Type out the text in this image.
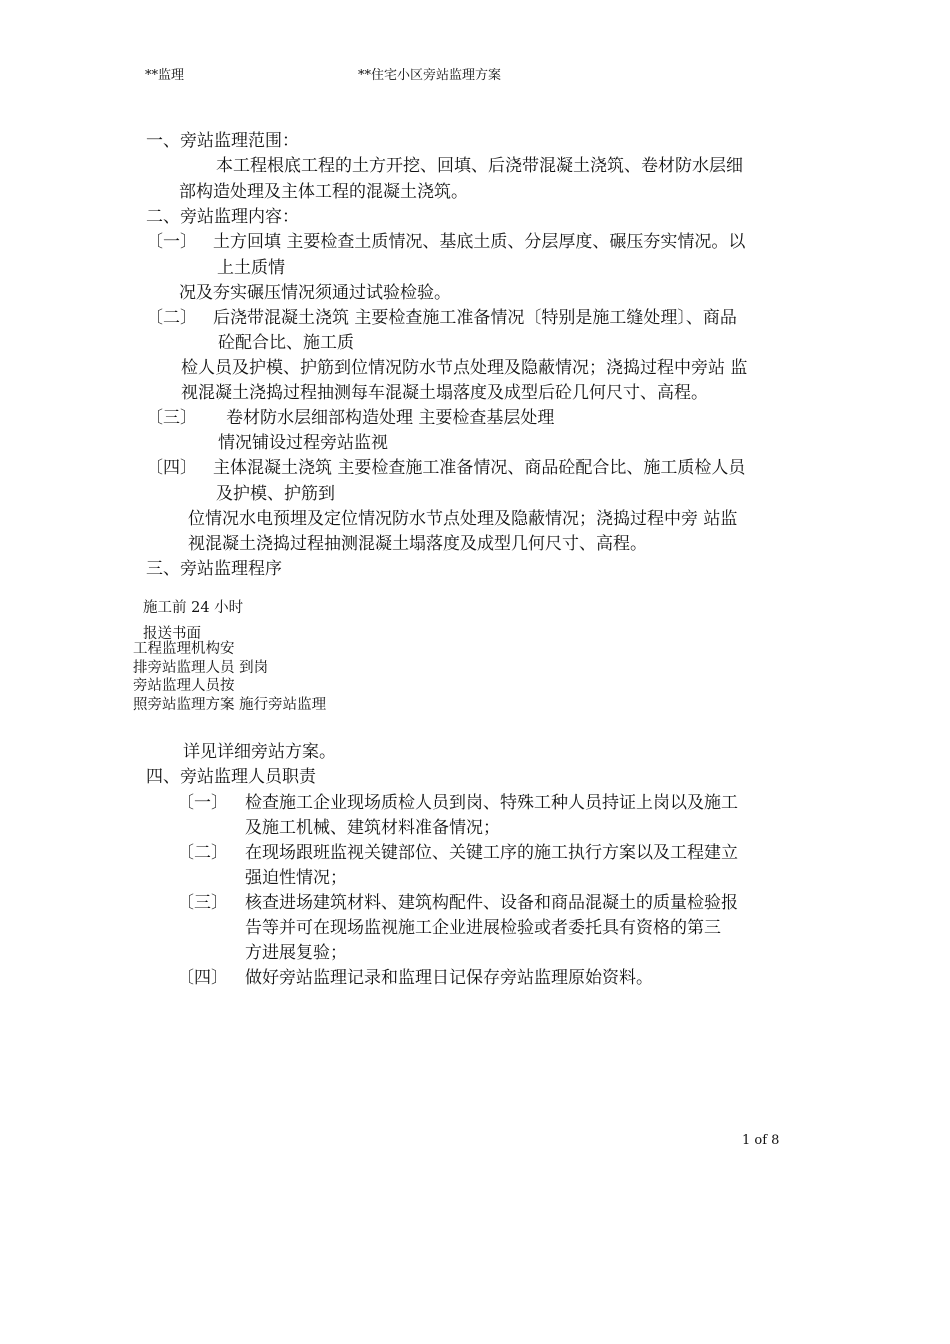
**监理	**住宅小区旁站监理方案
一、旁站监理范围：
本工程根底工程的土方开挖、回填、后浇带混凝土浇筑、卷材防水层细
部构造处理及主体工程的混凝土浇筑。
二、旁站监理内容：
〔一〕 土方回填 主要检查土质情况、基底土质、分层厚度、碾压夯实情况。以
上土质情
况及夯实碾压情况须通过试验检验。
〔二〕 后浇带混凝土浇筑 主要检查施工准备情况〔特别是施工缝处理〕、商品
砼配合比、施工质
检人员及护模、护筋到位情况防水节点处理及隐蔽情况；浇捣过程中旁站 监
视混凝土浇捣过程抽测每车混凝土塌落度及成型后砼几何尺寸、高程。
〔三〕 卷材防水层细部构造处理 主要检查基层处理
情况铺设过程旁站监视
〔四〕 主体混凝土浇筑 主要检查施工准备情况、商品砼配合比、施工质检人员
及护模、护筋到
位情况水电预埋及定位情况防水节点处理及隐蔽情况；浇捣过程中旁 站监
视混凝土浇捣过程抽测混凝土塌落度及成型几何尺寸、高程。
三、旁站监理程序
施工前 24 小时
报送书面
工程监理机构安
排旁站监理人员 到岗
旁站监理人员按
照旁站监理方案 施行旁站监理
详见详细旁站方案。
四、旁站监理人员职责
〔一〕 检查施工企业现场质检人员到岗、特殊工种人员持证上岗以及施工
及施工机械、建筑材料准备情况；
〔二〕 在现场跟班监视关键部位、关键工序的施工执行方案以及工程建立
强迫性情况；
〔三〕 核查进场建筑材料、建筑构配件、设备和商品混凝土的质量检验报
告等并可在现场监视施工企业进展检验或者委托具有资格的第三
方进展复验；
〔四〕 做好旁站监理记录和监理日记保存旁站监理原始资料。
1 of 8
